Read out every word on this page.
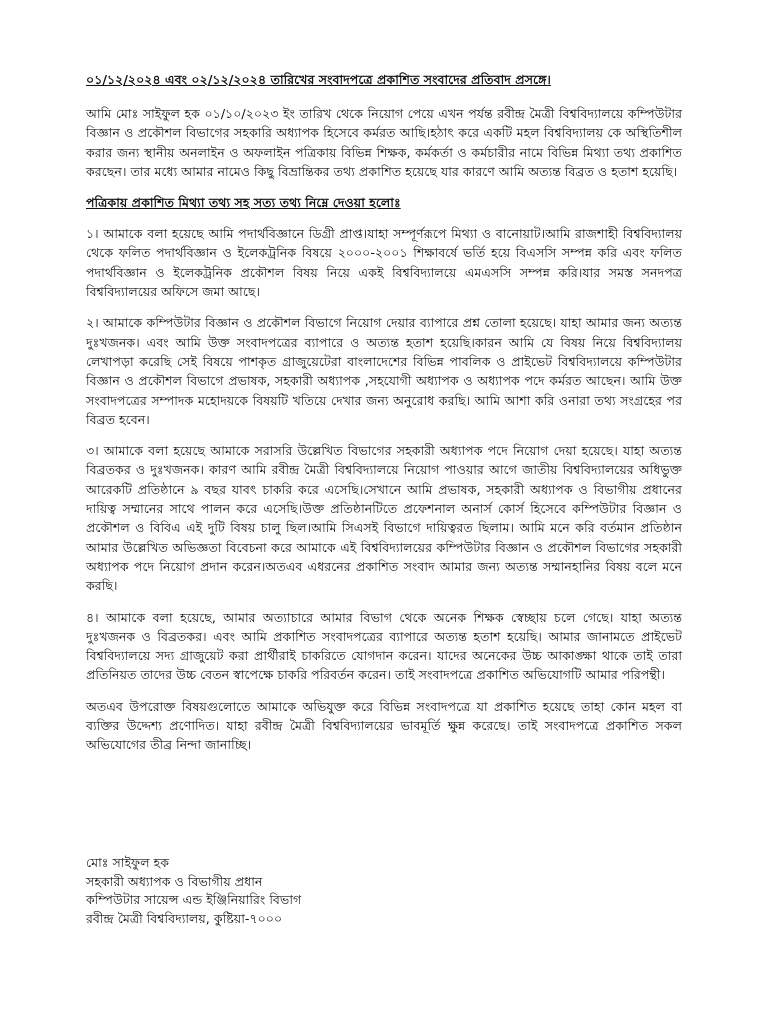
০১/১২/২০২৪ এবং ০২/১২/২০২৪ তারিখের সংবাদপত্রে প্রকাশিত সংবাদের প্রতিবাদ প্রসঙ্গে।

আমি মোঃ সাইফুল হক ০১/১০/২০২৩ ইং তারিখ থেকে নিয়োগ পেয়ে এখন পর্যন্ত রবীন্দ্র মৈত্রী বিশ্ববিদ্যালয়ে কম্পিউটার বিজ্ঞান ও প্রকৌশল বিভাগের সহকারি অধ্যাপক হিসেবে কর্মরত আছি।হঠাৎ করে একটি মহল বিশ্ববিদ্যালয় কে অস্থিতিশীল করার জন্য স্থানীয় অনলাইন ও অফলাইন পত্রিকায় বিভিন্ন শিক্ষক, কর্মকর্তা ও কর্মচারীর নামে বিভিন্ন মিথ্যা তথ্য প্রকাশিত করছেন। তার মধ্যে আমার নামেও কিছু বিভ্রান্তিকর তথ্য প্রকাশিত হয়েছে যার কারণে আমি অত্যন্ত বিব্রত ও হতাশ হয়েছি।

পত্রিকায় প্রকাশিত মিথ্যা তথ্য সহ সত্য তথ্য নিম্নে দেওয়া হলোঃ

১। আমাকে বলা হয়েছে আমি পদার্থবিজ্ঞানে ডিগ্রী প্রাপ্ত।যাহা সম্পূর্ণরূপে মিথ্যা ও বানোয়াট।আমি রাজশাহী বিশ্ববিদ্যালয় থেকে ফলিত পদার্থবিজ্ঞান ও ইলেকট্রনিক বিষয়ে ২০০০-২০০১ শিক্ষাবর্ষে ভর্তি হয়ে বিএসসি সম্পন্ন করি এবং ফলিত পদার্থবিজ্ঞান ও ইলেকট্রনিক প্রকৌশল বিষয় নিয়ে একই বিশ্ববিদ্যালয়ে এমএসসি সম্পন্ন করি।যার সমস্ত সনদপত্র বিশ্ববিদ্যালয়ের অফিসে জমা আছে।

২। আমাকে কম্পিউটার বিজ্ঞান ও প্রকৌশল বিভাগে নিয়োগ দেয়ার ব্যাপারে প্রশ্ন তোলা হয়েছে। যাহা আমার জন্য অত্যন্ত দুঃখজনক। এবং আমি উক্ত সংবাদপত্রের ব্যাপারে ও অত্যন্ত হতাশ হয়েছি।কারন আমি যে বিষয় নিয়ে বিশ্ববিদ্যালয় লেখাপড়া করেছি সেই বিষয়ে পাশকৃত গ্রাজুয়েটেরা বাংলাদেশের বিভিন্ন পাবলিক ও প্রাইভেট বিশ্ববিদ্যালয়ে কম্পিউটার বিজ্ঞান ও প্রকৌশল বিভাগে প্রভাষক, সহকারী অধ্যাপক ,সহযোগী অধ্যাপক ও অধ্যাপক পদে কর্মরত আছেন। আমি উক্ত সংবাদপত্রের সম্পাদক মহোদয়কে বিষয়টি খতিয়ে দেখার জন্য অনুরোধ করছি। আমি আশা করি ওনারা তথ্য সংগ্রহের পর বিব্রত হবেন।

৩। আমাকে বলা হয়েছে আমাকে সরাসরি উল্লেখিত বিভাগের সহকারী অধ্যাপক পদে নিয়োগ দেয়া হয়েছে। যাহা অত্যন্ত বিব্রতকর ও দুঃখজনক। কারণ আমি রবীন্দ্র মৈত্রী বিশ্ববিদ্যালয়ে নিয়োগ পাওয়ার আগে জাতীয় বিশ্ববিদ্যালয়ের অধিভুক্ত আরেকটি প্রতিষ্ঠানে ৯ বছর যাবৎ চাকরি করে এসেছি।সেখানে আমি প্রভাষক, সহকারী অধ্যাপক ও বিভাগীয় প্রধানের দায়িত্ব সম্মানের সাথে পালন করে এসেছি।উক্ত প্রতিষ্ঠানটিতে প্রফেশনাল অনার্স কোর্স হিসেবে কম্পিউটার বিজ্ঞান ও প্রকৌশল ও বিবিএ এই দুটি বিষয় চালু ছিল।আমি সিএসই বিভাগে দায়িত্বরত ছিলাম। আমি মনে করি বর্তমান প্রতিষ্ঠান আমার উল্লেখিত অভিজ্ঞতা বিবেচনা করে আমাকে এই বিশ্ববিদ্যালয়ের কম্পিউটার বিজ্ঞান ও প্রকৌশল বিভাগের সহকারী অধ্যাপক পদে নিয়োগ প্রদান করেন।অতএব এধরনের প্রকাশিত সংবাদ আমার জন্য অত্যন্ত সম্মানহানির বিষয় বলে মনে করছি।

৪। আমাকে বলা হয়েছে, আমার অত্যাচারে আমার বিভাগ থেকে অনেক শিক্ষক স্বেচ্ছায় চলে গেছে। যাহা অত্যন্ত দুঃখজনক ও বিব্রতকর। এবং আমি প্রকাশিত সংবাদপত্রের ব্যাপারে অত্যন্ত হতাশ হয়েছি। আমার জানামতে প্রাইভেট বিশ্ববিদ্যালয়ে সদ্য গ্রাজুয়েট করা প্রার্থীরাই চাকরিতে যোগদান করেন। যাদের অনেকের উচ্চ আকাঙ্ক্ষা থাকে তাই তারা প্রতিনিয়ত তাদের উচ্চ বেতন স্বাপেক্ষে চাকরি পরিবর্তন করেন। তাই সংবাদপত্রে প্রকাশিত অভিযোগটি আমার পরিপন্থী।

অতএব উপরোক্ত বিষয়গুলোতে আমাকে অভিযুক্ত করে বিভিন্ন সংবাদপত্রে যা প্রকাশিত হয়েছে তাহা কোন মহল বা ব্যক্তির উদ্দেশ্য প্রণোদিত। যাহা রবীন্দ্র মৈত্রী বিশ্ববিদ্যালয়ের ভাবমূর্তি ক্ষুন্ন করেছে। তাই সংবাদপত্রে প্রকাশিত সকল অভিযোগের তীব্র নিন্দা জানাচ্ছি।

মোঃ সাইফুল হক
সহকারী অধ্যাপক ও বিভাগীয় প্রধান
কম্পিউটার সায়েন্স এন্ড ইঞ্জিনিয়ারিং বিভাগ
রবীন্দ্র মৈত্রী বিশ্ববিদ্যালয়, কুষ্টিয়া-৭০০০
